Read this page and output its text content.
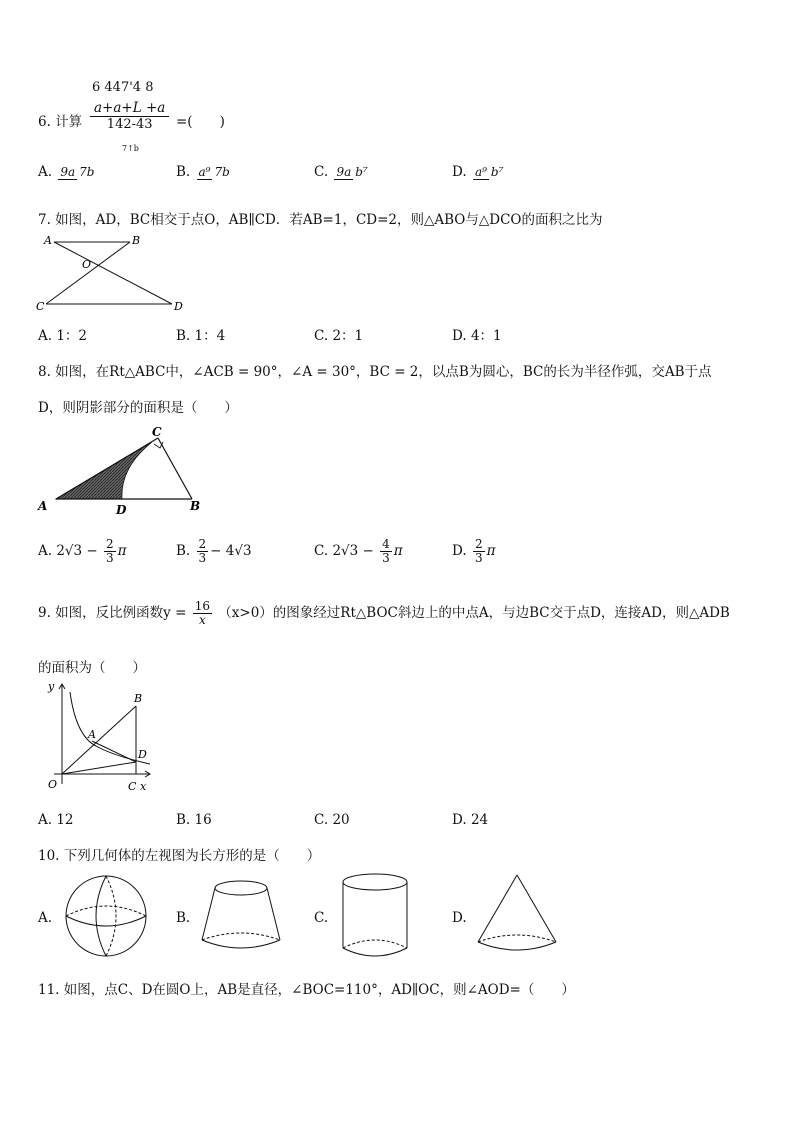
6 447'4 8
6. 计算 $\frac{a+a+L +a}{142-43}$
7↑b
=(　　)
A. 9a 7b	B. a⁹ 7b	C. 9a b⁷	D. a⁹ b⁷
7. 如图，AD，BC相交于点O，AB∥CD．若AB=1，CD=2，则△ABO与△DCO的面积之比为
A	B
O
C	D
A. 1：2	B. 1：4	C. 2：1	D. 4：1
8. 如图，在Rt△ABC中，∠ACB = 90°，∠A = 30°，BC = 2，以点B为圆心，BC的长为半径作弧，交AB于点
D，则阴影部分的面积是（　　）
C
A	D	B
A. $2√3 - \frac{2}{3}$ π	B. $\frac{2}{3} - 4√3$	C. $2√3 - \frac{4}{3}$ π	D. $\frac{2}{3}$ π
9. 如图，反比例函数$y = \frac{16}{x} (x>0)$的图象经过Rt△BOC斜边上的中点A，与边BC交于点D，连接AD，则△ADB
的面积为（　　）
y
B
A
D
O	C x
A. 12	B. 16	C. 20	D. 24
10. 下列几何体的左视图为长方形的是（　　）
A.	B.	C.	D.
11. 如图，点C、D在圆O上，AB是直径，∠BOC=110°，AD∥OC，则∠AOD=（　　）
